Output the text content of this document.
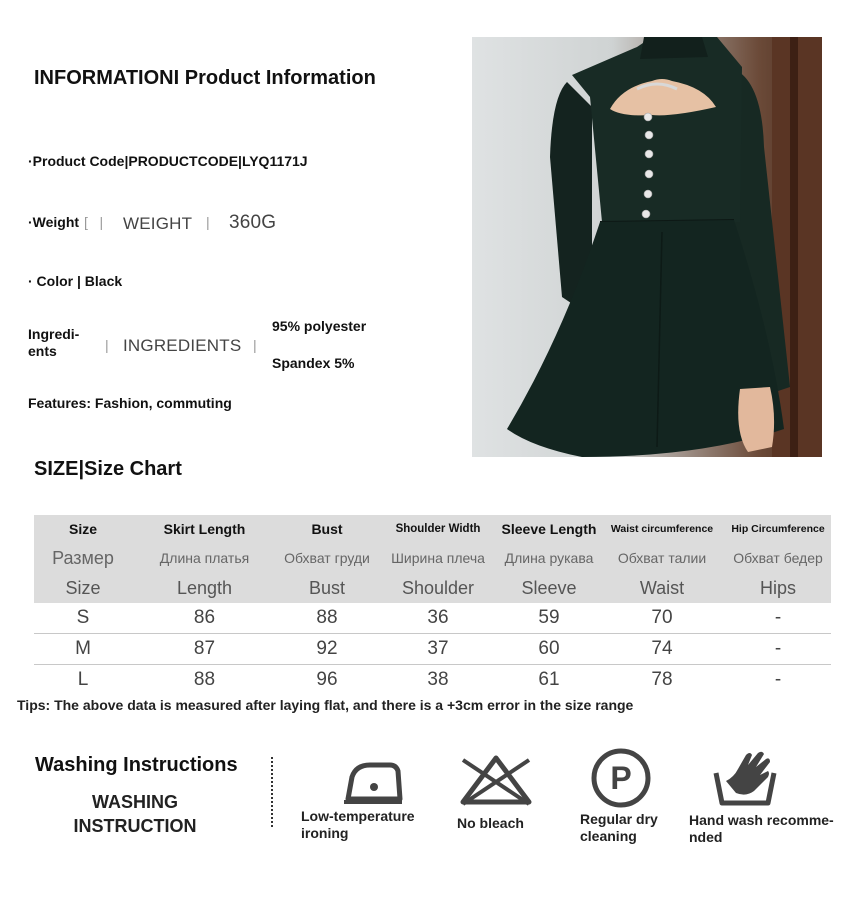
INFORMATIONI Product Information
·Product Code|PRODUCTCODE|LYQ1171J
·Weight [   | WEIGHT | 360G
· Color | Black
Ingredi-
ents	| INGREDIENTS |
95% polyester
Spandex 5%
Features: Fashion, commuting
SIZE|Size Chart
Size	Skirt Length	Bust	Shoulder Width	Sleeve Length	Waist circumference	Hip Circumference
Размер	Длина платья	Обхват груди	Ширина плеча	Длина рукава	Обхват талии	Обхват бедер
Size	Length	Bust	Shoulder	Sleeve	Waist	Hips
S	86	88	36	59	70	-
M	87	92	37	60	74	-
L	88	96	38	61	78	-
Tips: The above data is measured after laying flat, and there is a +3cm error in the size range
Washing Instructions
WASHING INSTRUCTION	Low-temperature ironing
No bleach
P
Regular dry cleaning
Hand wash recomme-nded
